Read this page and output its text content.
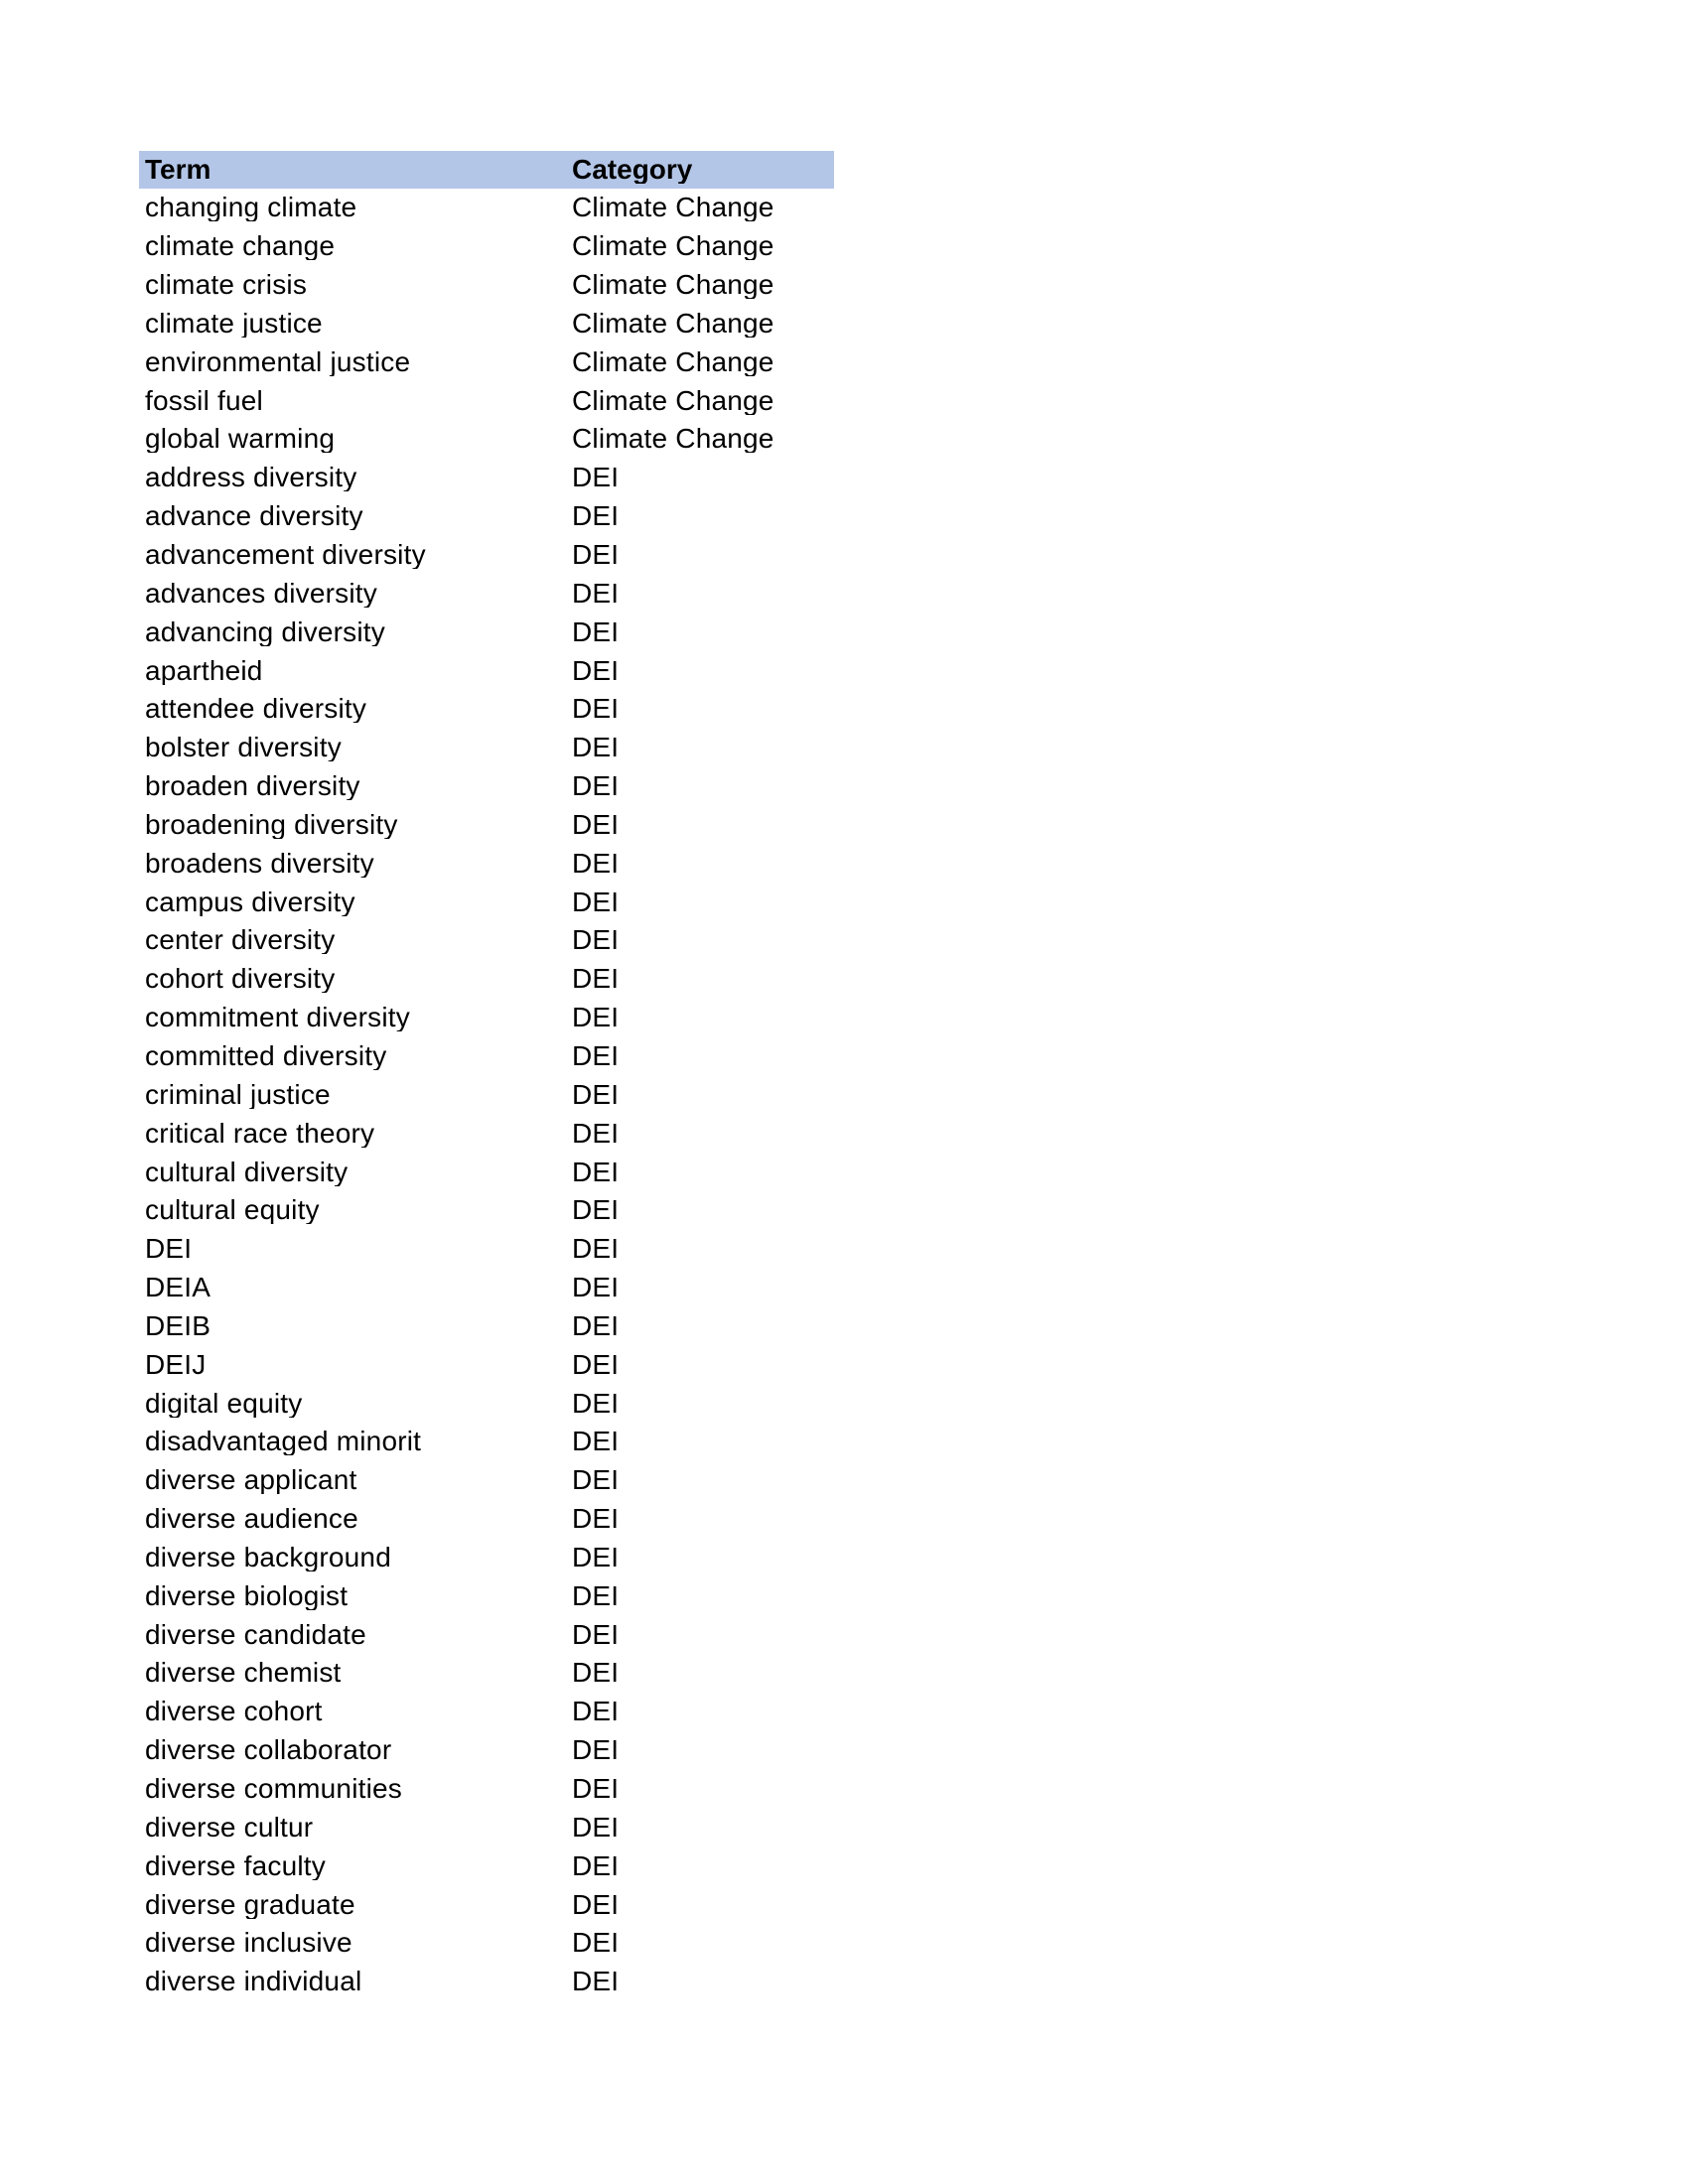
Term	Category
changing climate	Climate Change
climate change	Climate Change
climate crisis	Climate Change
climate justice	Climate Change
environmental justice	Climate Change
fossil fuel	Climate Change
global warming	Climate Change
address diversity	DEI
advance diversity	DEI
advancement diversity	DEI
advances diversity	DEI
advancing diversity	DEI
apartheid	DEI
attendee diversity	DEI
bolster diversity	DEI
broaden diversity	DEI
broadening diversity	DEI
broadens diversity	DEI
campus diversity	DEI
center diversity	DEI
cohort diversity	DEI
commitment diversity	DEI
committed diversity	DEI
criminal justice	DEI
critical race theory	DEI
cultural diversity	DEI
cultural equity	DEI
DEI	DEI
DEIA	DEI
DEIB	DEI
DEIJ	DEI
digital equity	DEI
disadvantaged minorit	DEI
diverse applicant	DEI
diverse audience	DEI
diverse background	DEI
diverse biologist	DEI
diverse candidate	DEI
diverse chemist	DEI
diverse cohort	DEI
diverse collaborator	DEI
diverse communities	DEI
diverse cultur	DEI
diverse faculty	DEI
diverse graduate	DEI
diverse inclusive	DEI
diverse individual	DEI
